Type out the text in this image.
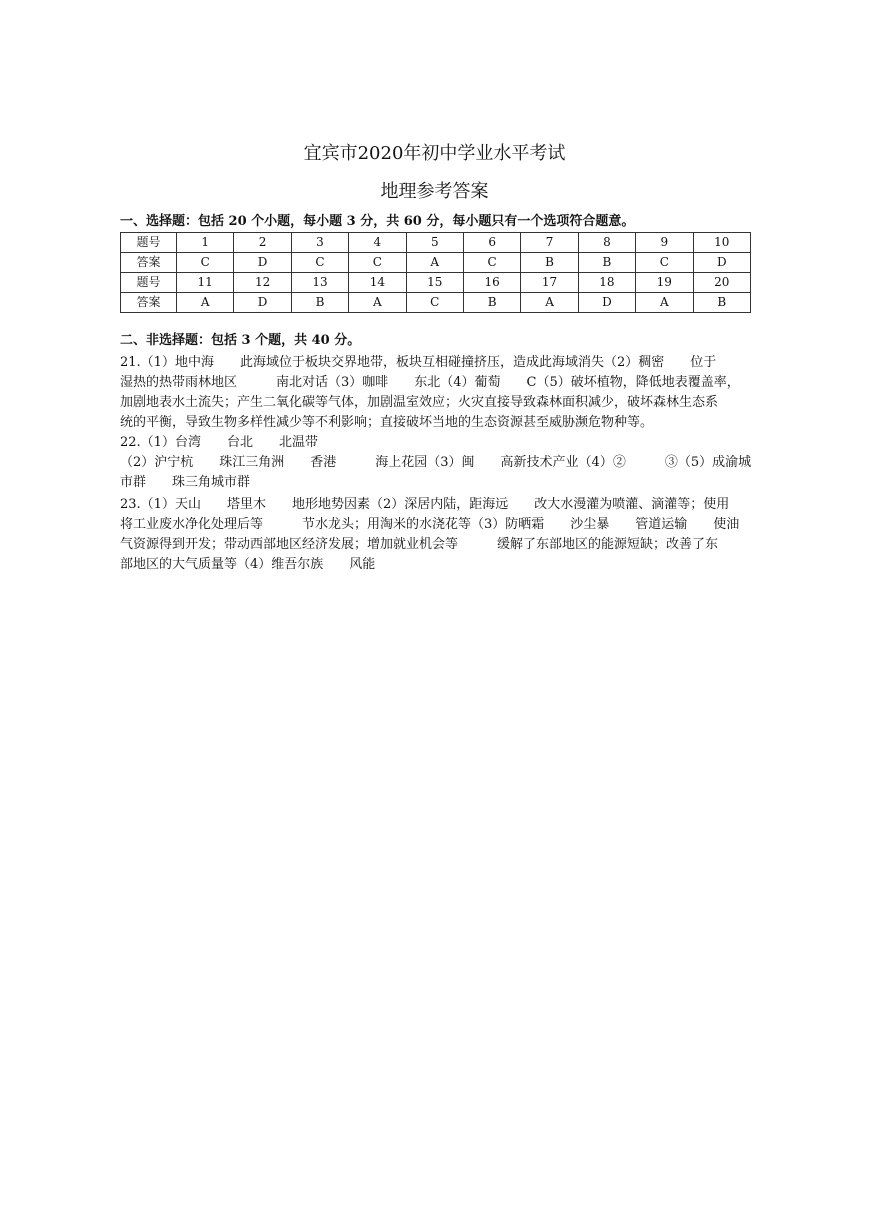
宜宾市2020年初中学业水平考试
地理参考答案
一、选择题：包括 20 个小题，每小题 3 分，共 60 分，每小题只有一个选项符合题意。
题号	1	2	3	4	5	6	7	8	9	10
答案	C	D	C	C	A	C	B	B	C	D
题号	11	12	13	14	15	16	17	18	19	20
答案	A	D	B	A	C	B	A	D	A	B
二、非选择题：包括 3 个题，共 40 分。
21.（1）地中海　　此海域位于板块交界地带，板块互相碰撞挤压，造成此海域消失（2）稠密　　位于
湿热的热带雨林地区　　　南北对话（3）咖啡　　东北（4）葡萄　　C（5）破坏植物，降低地表覆盖率，
加剧地表水土流失；产生二氧化碳等气体，加剧温室效应；火灾直接导致森林面积减少，破坏森林生态系
统的平衡，导致生物多样性减少等不利影响；直接破坏当地的生态资源甚至威胁濒危物种等。
22.（1）台湾　　台北　　北温带
（2）沪宁杭　　珠江三角洲　　香港　　　海上花园（3）闽　　高新技术产业（4）②　　　③（5）成渝城
市群　　珠三角城市群
23.（1）天山　　塔里木　　地形地势因素（2）深居内陆，距海远　　改大水漫灌为喷灌、滴灌等；使用
将工业废水净化处理后等　　　节水龙头；用淘米的水浇花等（3）防晒霜　　沙尘暴　　管道运输　　使油
气资源得到开发；带动西部地区经济发展；增加就业机会等　　　缓解了东部地区的能源短缺；改善了东
部地区的大气质量等（4）维吾尔族　　风能
